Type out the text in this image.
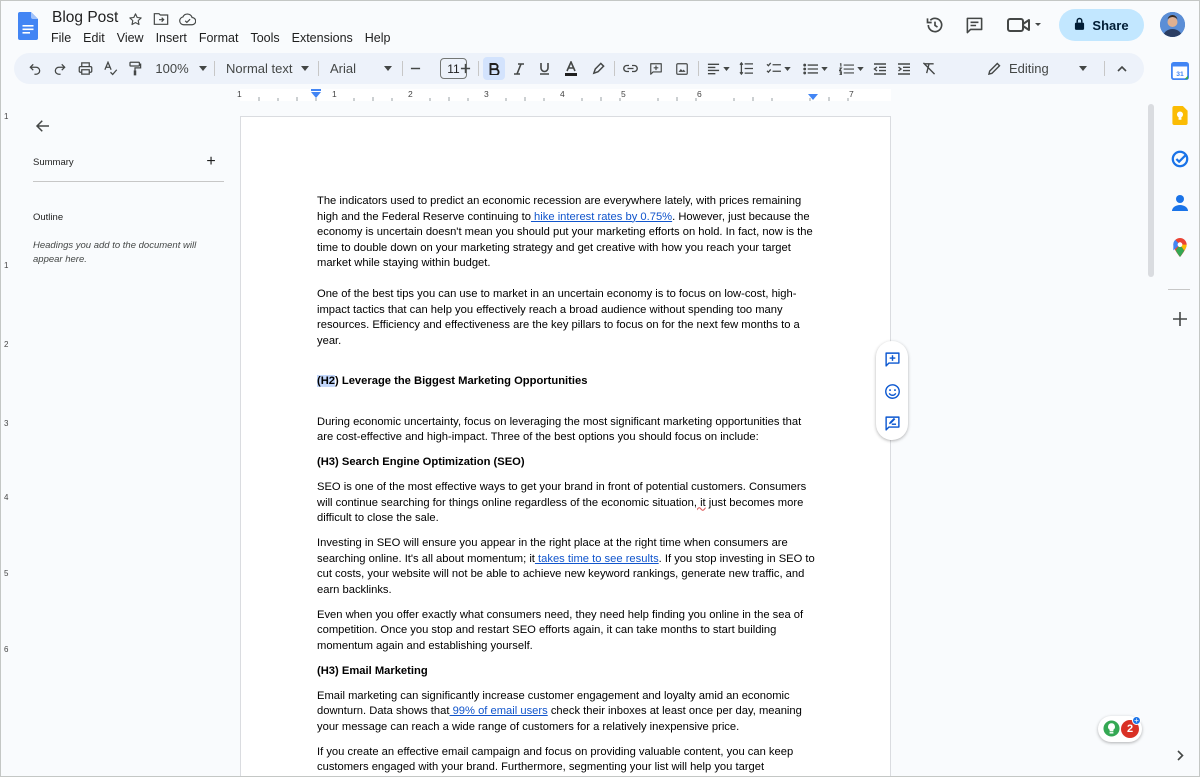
Blog Post
File Edit View Insert Format Tools Extensions Help
Share
100%	Normal text	Arial	11	Editing
1	1	2	3	4	5	6	7
1
1
2
3
4
5
6
Summary	+
Outline
Headings you add to the document will appear here.

The indicators used to predict an economic recession are everywhere lately, with prices remaining high and the Federal Reserve continuing to hike interest rates by 0.75%. However, just because the economy is uncertain doesn't mean you should put your marketing efforts on hold. In fact, now is the time to double down on your marketing strategy and get creative with how you reach your target market while staying within budget.

One of the best tips you can use to market in an uncertain economy is to focus on low-cost, high-impact tactics that can help you effectively reach a broad audience without spending too many resources. Efficiency and effectiveness are the key pillars to focus on for the next few months to a year.

(H2) Leverage the Biggest Marketing Opportunities

During economic uncertainty, focus on leveraging the most significant marketing opportunities that are cost-effective and high-impact. Three of the best options you should focus on include:

(H3) Search Engine Optimization (SEO)

SEO is one of the most effective ways to get your brand in front of potential customers. Consumers will continue searching for things online regardless of the economic situation, it just becomes more difficult to close the sale.

Investing in SEO will ensure you appear in the right place at the right time when consumers are searching online. It's all about momentum; it takes time to see results. If you stop investing in SEO to cut costs, your website will not be able to achieve new keyword rankings, generate new traffic, and earn backlinks.

Even when you offer exactly what consumers need, they need help finding you online in the sea of competition. Once you stop and restart SEO efforts again, it can take months to start building momentum again and establishing yourself.

(H3) Email Marketing

Email marketing can significantly increase customer engagement and loyalty amid an economic downturn. Data shows that 99% of email users check their inboxes at least once per day, meaning your message can reach a wide range of customers for a relatively inexpensive price.

If you create an effective email campaign and focus on providing valuable content, you can keep customers engaged with your brand. Furthermore, segmenting your list will help you target

31
2
+
